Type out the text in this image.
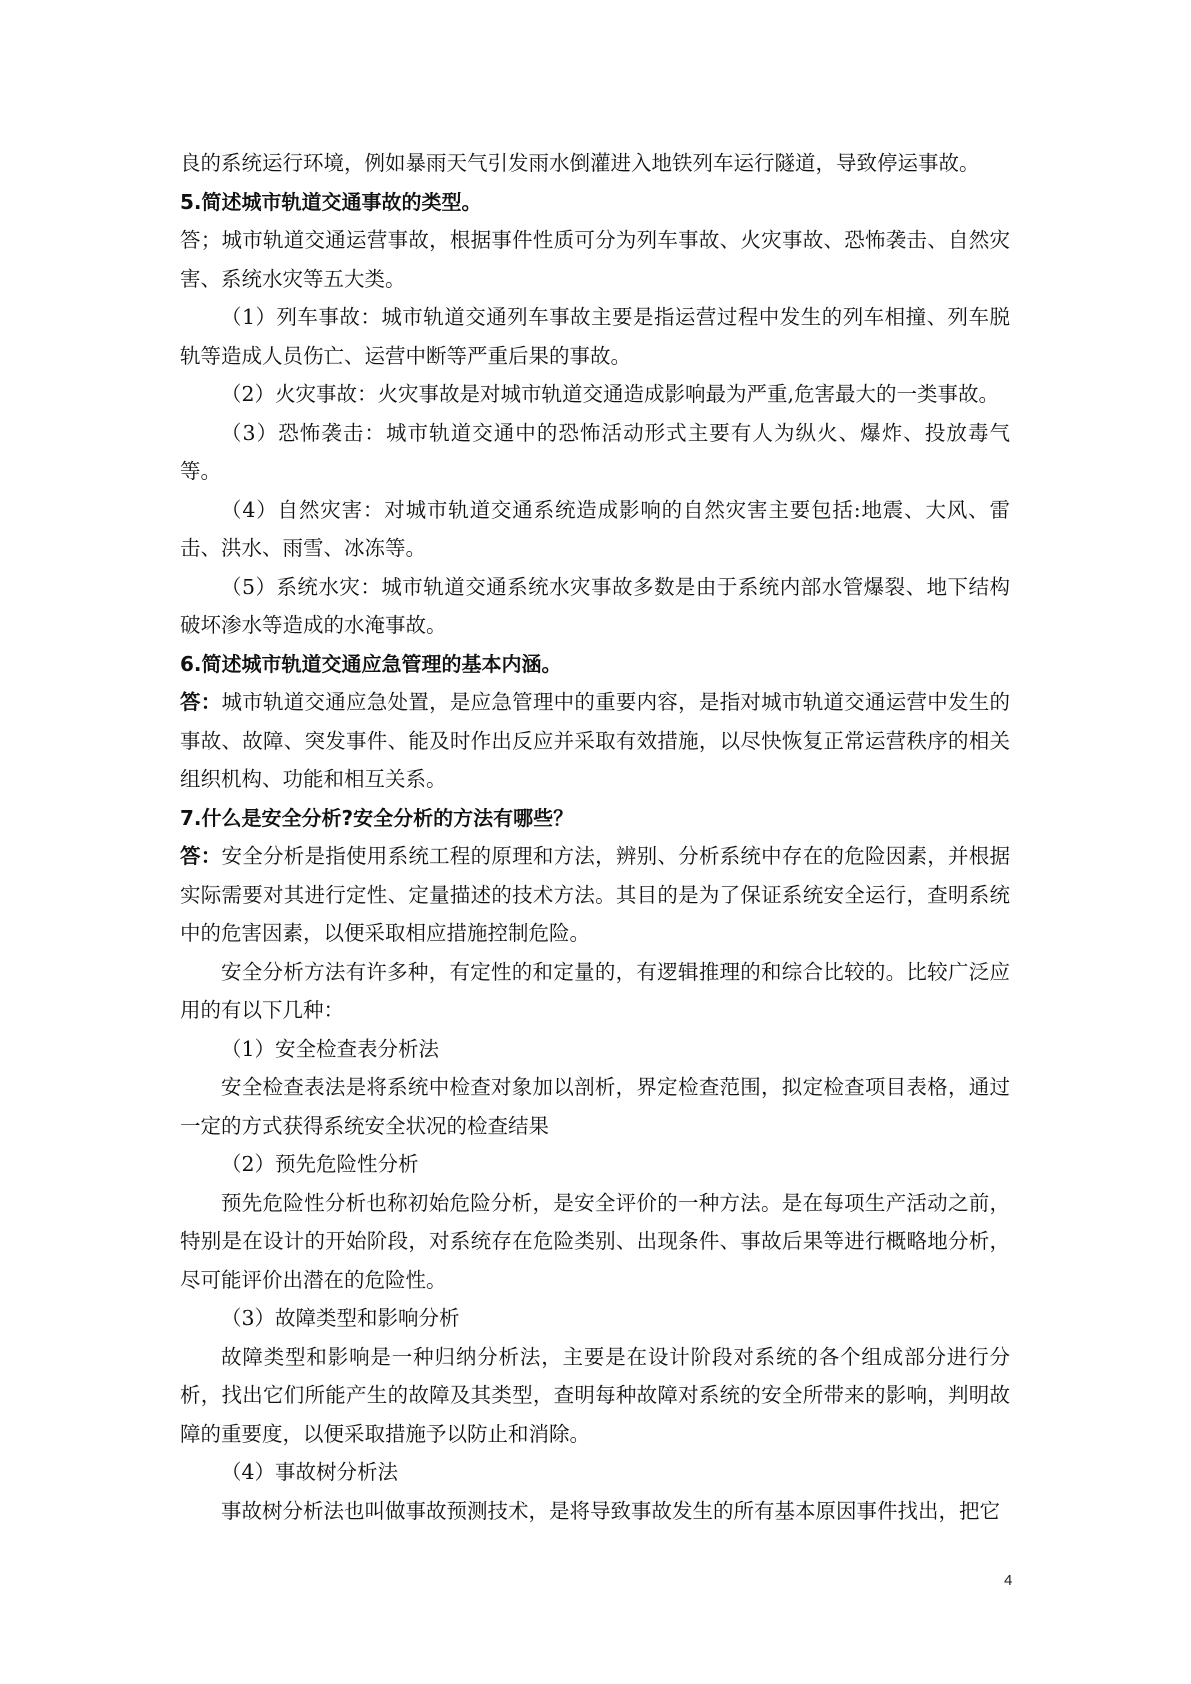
良的系统运行环境，例如暴雨天气引发雨水倒灌进入地铁列车运行隧道，导致停运事故。

5.简述城市轨道交通事故的类型。

答；城市轨道交通运营事故，根据事件性质可分为列车事故、火灾事故、恐怖袭击、自然灾害、系统水灾等五大类。

（1）列车事故：城市轨道交通列车事故主要是指运营过程中发生的列车相撞、列车脱轨等造成人员伤亡、运营中断等严重后果的事故。

（2）火灾事故：火灾事故是对城市轨道交通造成影响最为严重,危害最大的一类事故。

（3）恐怖袭击：城市轨道交通中的恐怖活动形式主要有人为纵火、爆炸、投放毒气等。

（4）自然灾害：对城市轨道交通系统造成影响的自然灾害主要包括:地震、大风、雷击、洪水、雨雪、冰冻等。

（5）系统水灾：城市轨道交通系统水灾事故多数是由于系统内部水管爆裂、地下结构破坏渗水等造成的水淹事故。

6.简述城市轨道交通应急管理的基本内涵。

答：城市轨道交通应急处置，是应急管理中的重要内容，是指对城市轨道交通运营中发生的事故、故障、突发事件、能及时作出反应并采取有效措施，以尽快恢复正常运营秩序的相关组织机构、功能和相互关系。

7.什么是安全分析?安全分析的方法有哪些？

答：安全分析是指使用系统工程的原理和方法，辨别、分析系统中存在的危险因素，并根据实际需要对其进行定性、定量描述的技术方法。其目的是为了保证系统安全运行，查明系统中的危害因素，以便采取相应措施控制危险。

安全分析方法有许多种，有定性的和定量的，有逻辑推理的和综合比较的。比较广泛应用的有以下几种：

（1）安全检查表分析法

安全检查表法是将系统中检查对象加以剖析，界定检查范围，拟定检查项目表格，通过一定的方式获得系统安全状况的检查结果

（2）预先危险性分析

预先危险性分析也称初始危险分析，是安全评价的一种方法。是在每项生产活动之前，特别是在设计的开始阶段，对系统存在危险类别、出现条件、事故后果等进行概略地分析，尽可能评价出潜在的危险性。

（3）故障类型和影响分析

故障类型和影响是一种归纳分析法，主要是在设计阶段对系统的各个组成部分进行分析，找出它们所能产生的故障及其类型，查明每种故障对系统的安全所带来的影响，判明故障的重要度，以便采取措施予以防止和消除。

（4）事故树分析法

事故树分析法也叫做事故预测技术，是将导致事故发生的所有基本原因事件找出，把它

4
